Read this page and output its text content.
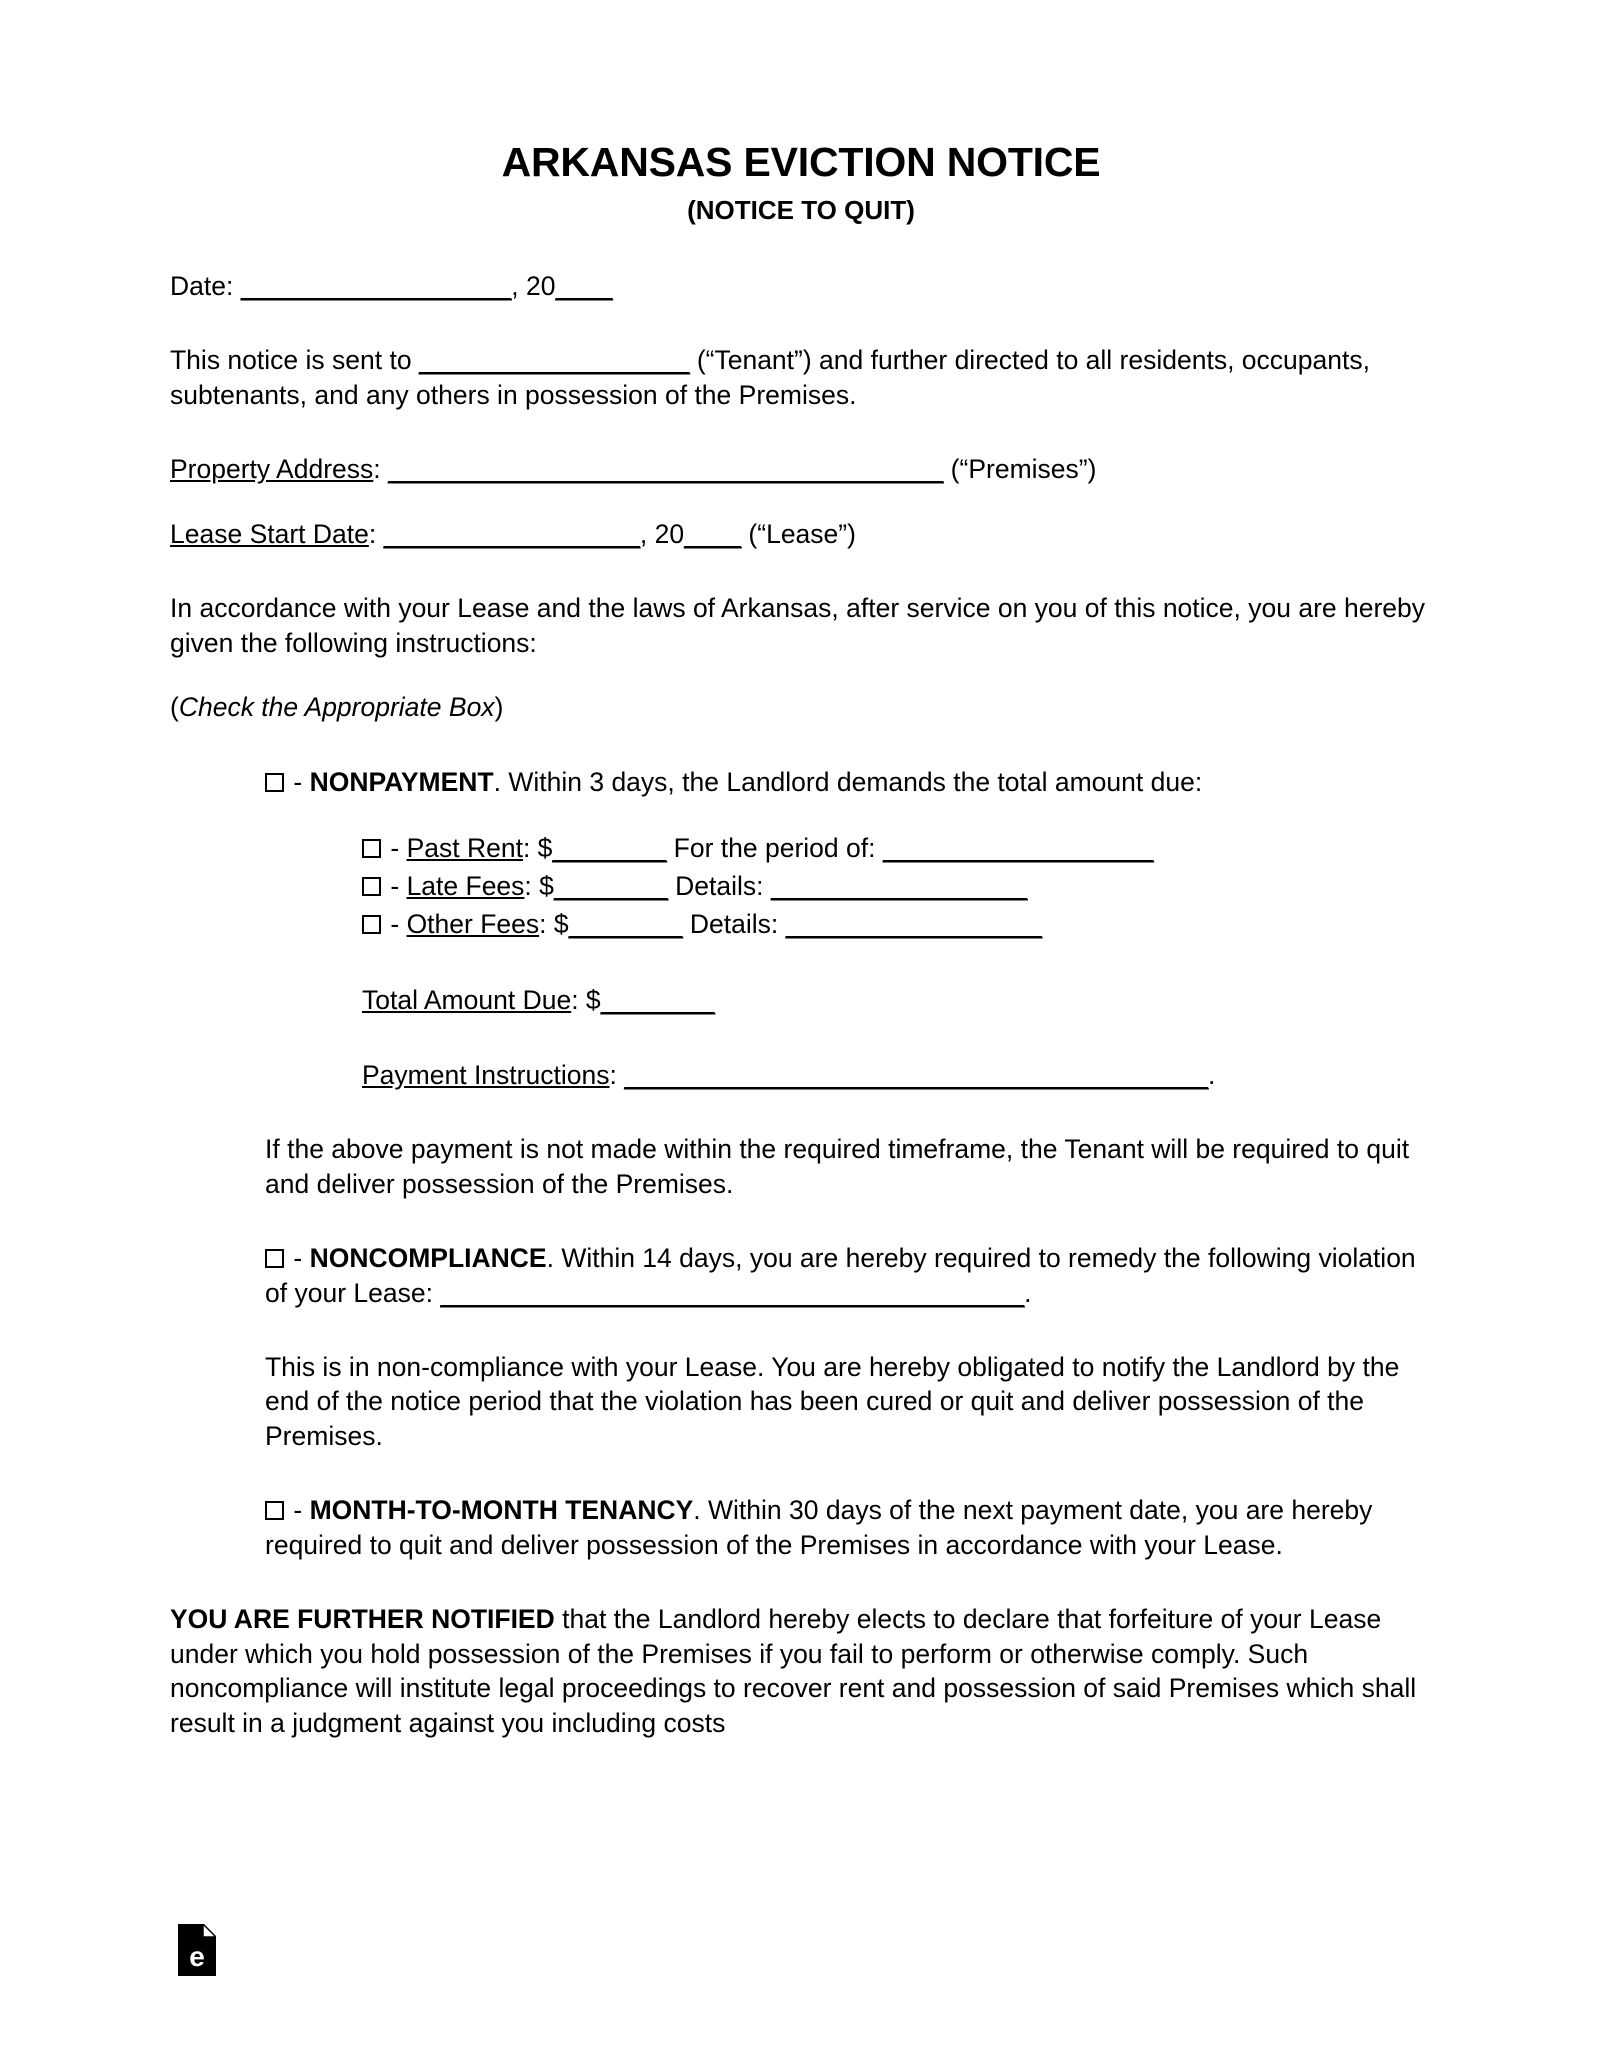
ARKANSAS EVICTION NOTICE
(NOTICE TO QUIT)

Date: ___________________, 20____

This notice is sent to ___________________ (“Tenant”) and further directed to all residents, occupants, subtenants, and any others in possession of the Premises.

Property Address: _______________________________________ (“Premises”)

Lease Start Date: __________________, 20____ (“Lease”)

In accordance with your Lease and the laws of Arkansas, after service on you of this notice, you are hereby given the following instructions:

(Check the Appropriate Box)

- NONPAYMENT. Within 3 days, the Landlord demands the total amount due:

- Past Rent: $________ For the period of: ___________________

- Late Fees: $________ Details: __________________

- Other Fees: $________ Details: __________________

Total Amount Due: $________

Payment Instructions: _________________________________________.

If the above payment is not made within the required timeframe, the Tenant will be required to quit and deliver possession of the Premises.

- NONCOMPLIANCE. Within 14 days, you are hereby required to remedy the following violation of your Lease: _________________________________________.

This is in non-compliance with your Lease. You are hereby obligated to notify the Landlord by the end of the notice period that the violation has been cured or quit and deliver possession of the Premises.

- MONTH-TO-MONTH TENANCY. Within 30 days of the next payment date, you are hereby required to quit and deliver possession of the Premises in accordance with your Lease.

YOU ARE FURTHER NOTIFIED that the Landlord hereby elects to declare that forfeiture of your Lease under which you hold possession of the Premises if you fail to perform or otherwise comply. Such noncompliance will institute legal proceedings to recover rent and possession of said Premises which shall result in a judgment against you including costs

e
